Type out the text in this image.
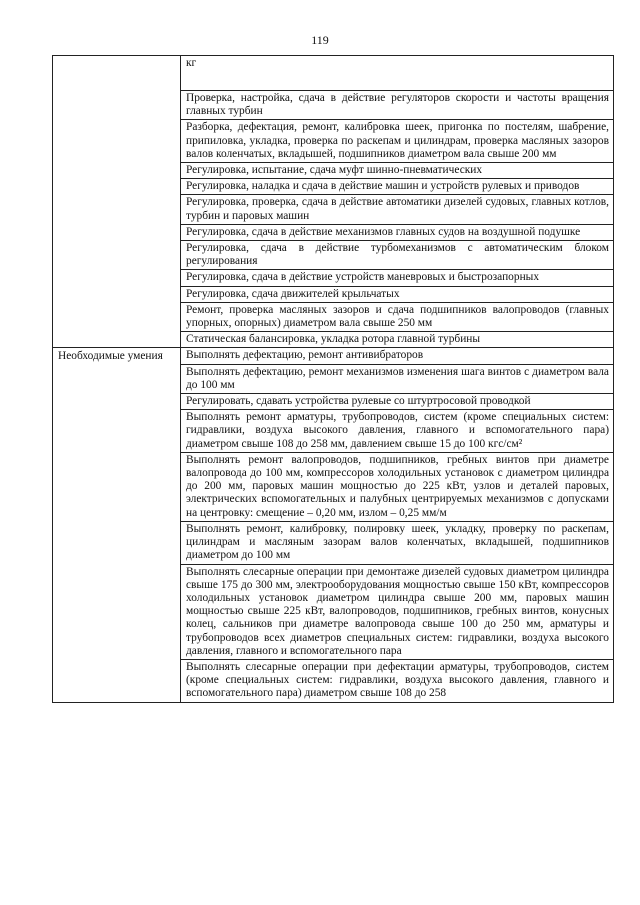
119
	кг
	Проверка, настройка, сдача в действие регуляторов скорости и частоты вращения главных турбин
	Разборка, дефектация, ремонт, калибровка шеек, пригонка по постелям, шабрение, припиловка, укладка, проверка по раскепам и цилиндрам, проверка масляных зазоров валов коленчатых, вкладышей, подшипников диаметром вала свыше 200 мм
	Регулировка, испытание, сдача муфт шинно-пневматических
	Регулировка, наладка и сдача в действие машин и устройств рулевых и приводов
	Регулировка, проверка, сдача в действие автоматики дизелей судовых, главных котлов, турбин и паровых машин
	Регулировка, сдача в действие механизмов главных судов на воздушной подушке
	Регулировка, сдача в действие турбомеханизмов с автоматическим блоком регулирования
	Регулировка, сдача в действие устройств маневровых и быстрозапорных
	Регулировка, сдача движителей крыльчатых
	Ремонт, проверка масляных зазоров и сдача подшипников валопроводов (главных упорных, опорных) диаметром вала свыше 250 мм
	Статическая балансировка, укладка ротора главной турбины
Необходимые умения	Выполнять дефектацию, ремонт антивибраторов
	Выполнять дефектацию, ремонт механизмов изменения шага винтов с диаметром вала до 100 мм
	Регулировать, сдавать устройства рулевые со штуртросовой проводкой
	Выполнять ремонт арматуры, трубопроводов, систем (кроме специальных систем: гидравлики, воздуха высокого давления, главного и вспомогательного пара) диаметром свыше 108 до 258 мм, давлением свыше 15 до 100 кгс/см²
	Выполнять ремонт валопроводов, подшипников, гребных винтов при диаметре валопровода до 100 мм, компрессоров холодильных установок с диаметром цилиндра до 200 мм, паровых машин мощностью до 225 кВт, узлов и деталей паровых, электрических вспомогательных и палубных центрируемых механизмов с допусками на центровку: смещение – 0,20 мм, излом – 0,25 мм/м
	Выполнять ремонт, калибровку, полировку шеек, укладку, проверку по раскепам, цилиндрам и масляным зазорам валов коленчатых, вкладышей, подшипников диаметром до 100 мм
	Выполнять слесарные операции при демонтаже дизелей судовых диаметром цилиндра свыше 175 до 300 мм, электрооборудования мощностью свыше 150 кВт, компрессоров холодильных установок диаметром цилиндра свыше 200 мм, паровых машин мощностью свыше 225 кВт, валопроводов, подшипников, гребных винтов, конусных колец, сальников при диаметре валопровода свыше 100 до 250 мм, арматуры и трубопроводов всех диаметров специальных систем: гидравлики, воздуха высокого давления, главного и вспомогательного пара
	Выполнять слесарные операции при дефектации арматуры, трубопроводов, систем (кроме специальных систем: гидравлики, воздуха высокого давления, главного и вспомогательного пара) диаметром свыше 108 до 258
